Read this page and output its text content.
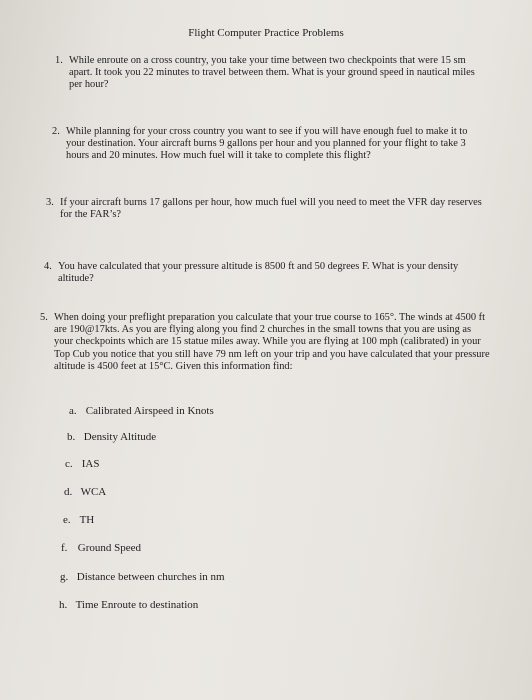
Flight Computer Practice Problems
1. While enroute on a cross country, you take your time between two checkpoints that were 15 sm apart. It took you 22 minutes to travel between them. What is your ground speed in nautical miles per hour?
2. While planning for your cross country you want to see if you will have enough fuel to make it to your destination. Your aircraft burns 9 gallons per hour and you planned for your flight to take 3 hours and 20 minutes. How much fuel will it take to complete this flight?
3. If your aircraft burns 17 gallons per hour, how much fuel will you need to meet the VFR day reserves for the FAR’s?
4. You have calculated that your pressure altitude is 8500 ft and 50 degrees F. What is your density altitude?
5. When doing your preflight preparation you calculate that your true course to 165°. The winds at 4500 ft are 190@17kts. As you are flying along you find 2 churches in the small towns that you are using as your checkpoints which are 15 statue miles away. While you are flying at 100 mph (calibrated) in your Top Cub you notice that you still have 79 nm left on your trip and you have calculated that your pressure altitude is 4500 feet at 15°C. Given this information find:
a. Calibrated Airspeed in Knots
b. Density Altitude
c. IAS
d. WCA
e. TH
f. Ground Speed
g. Distance between churches in nm
h. Time Enroute to destination
